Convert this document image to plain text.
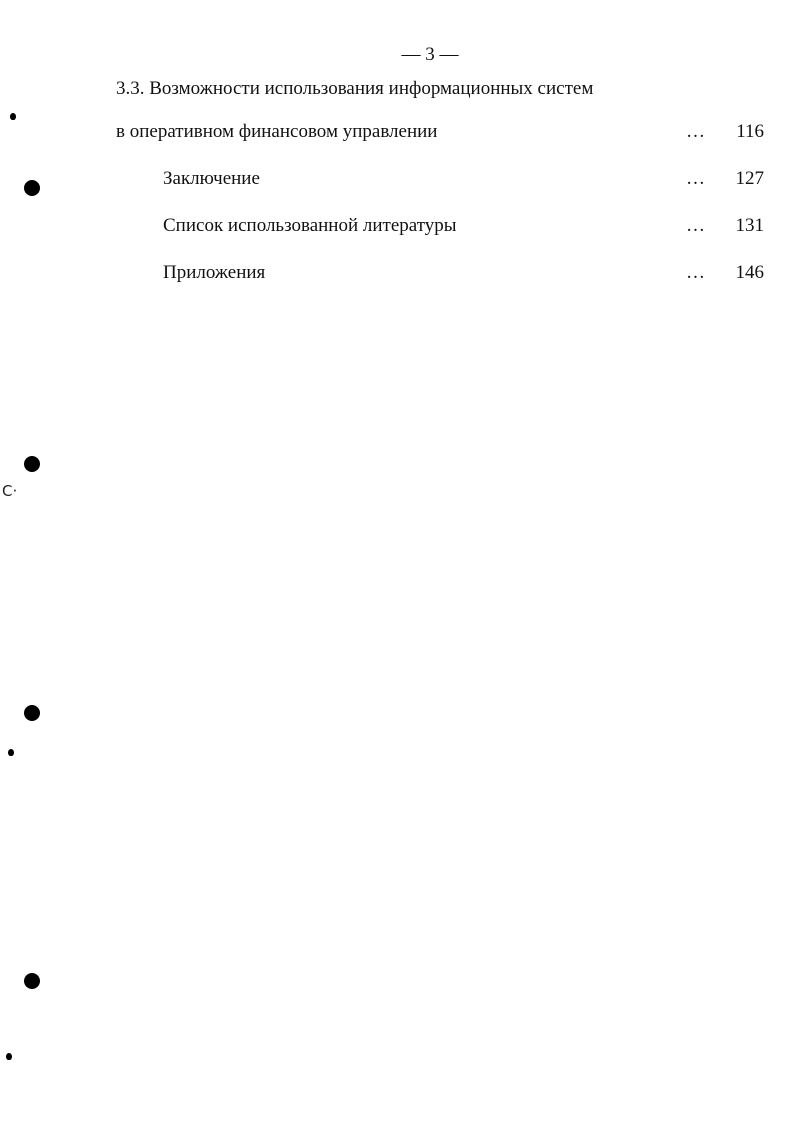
— 3 —
3.3. Возможности использования информационных систем
в оперативном финансовом управлении	… 116
Заключение	… 127
Список использованной литературы	… 131
Приложения	… 146
C·
